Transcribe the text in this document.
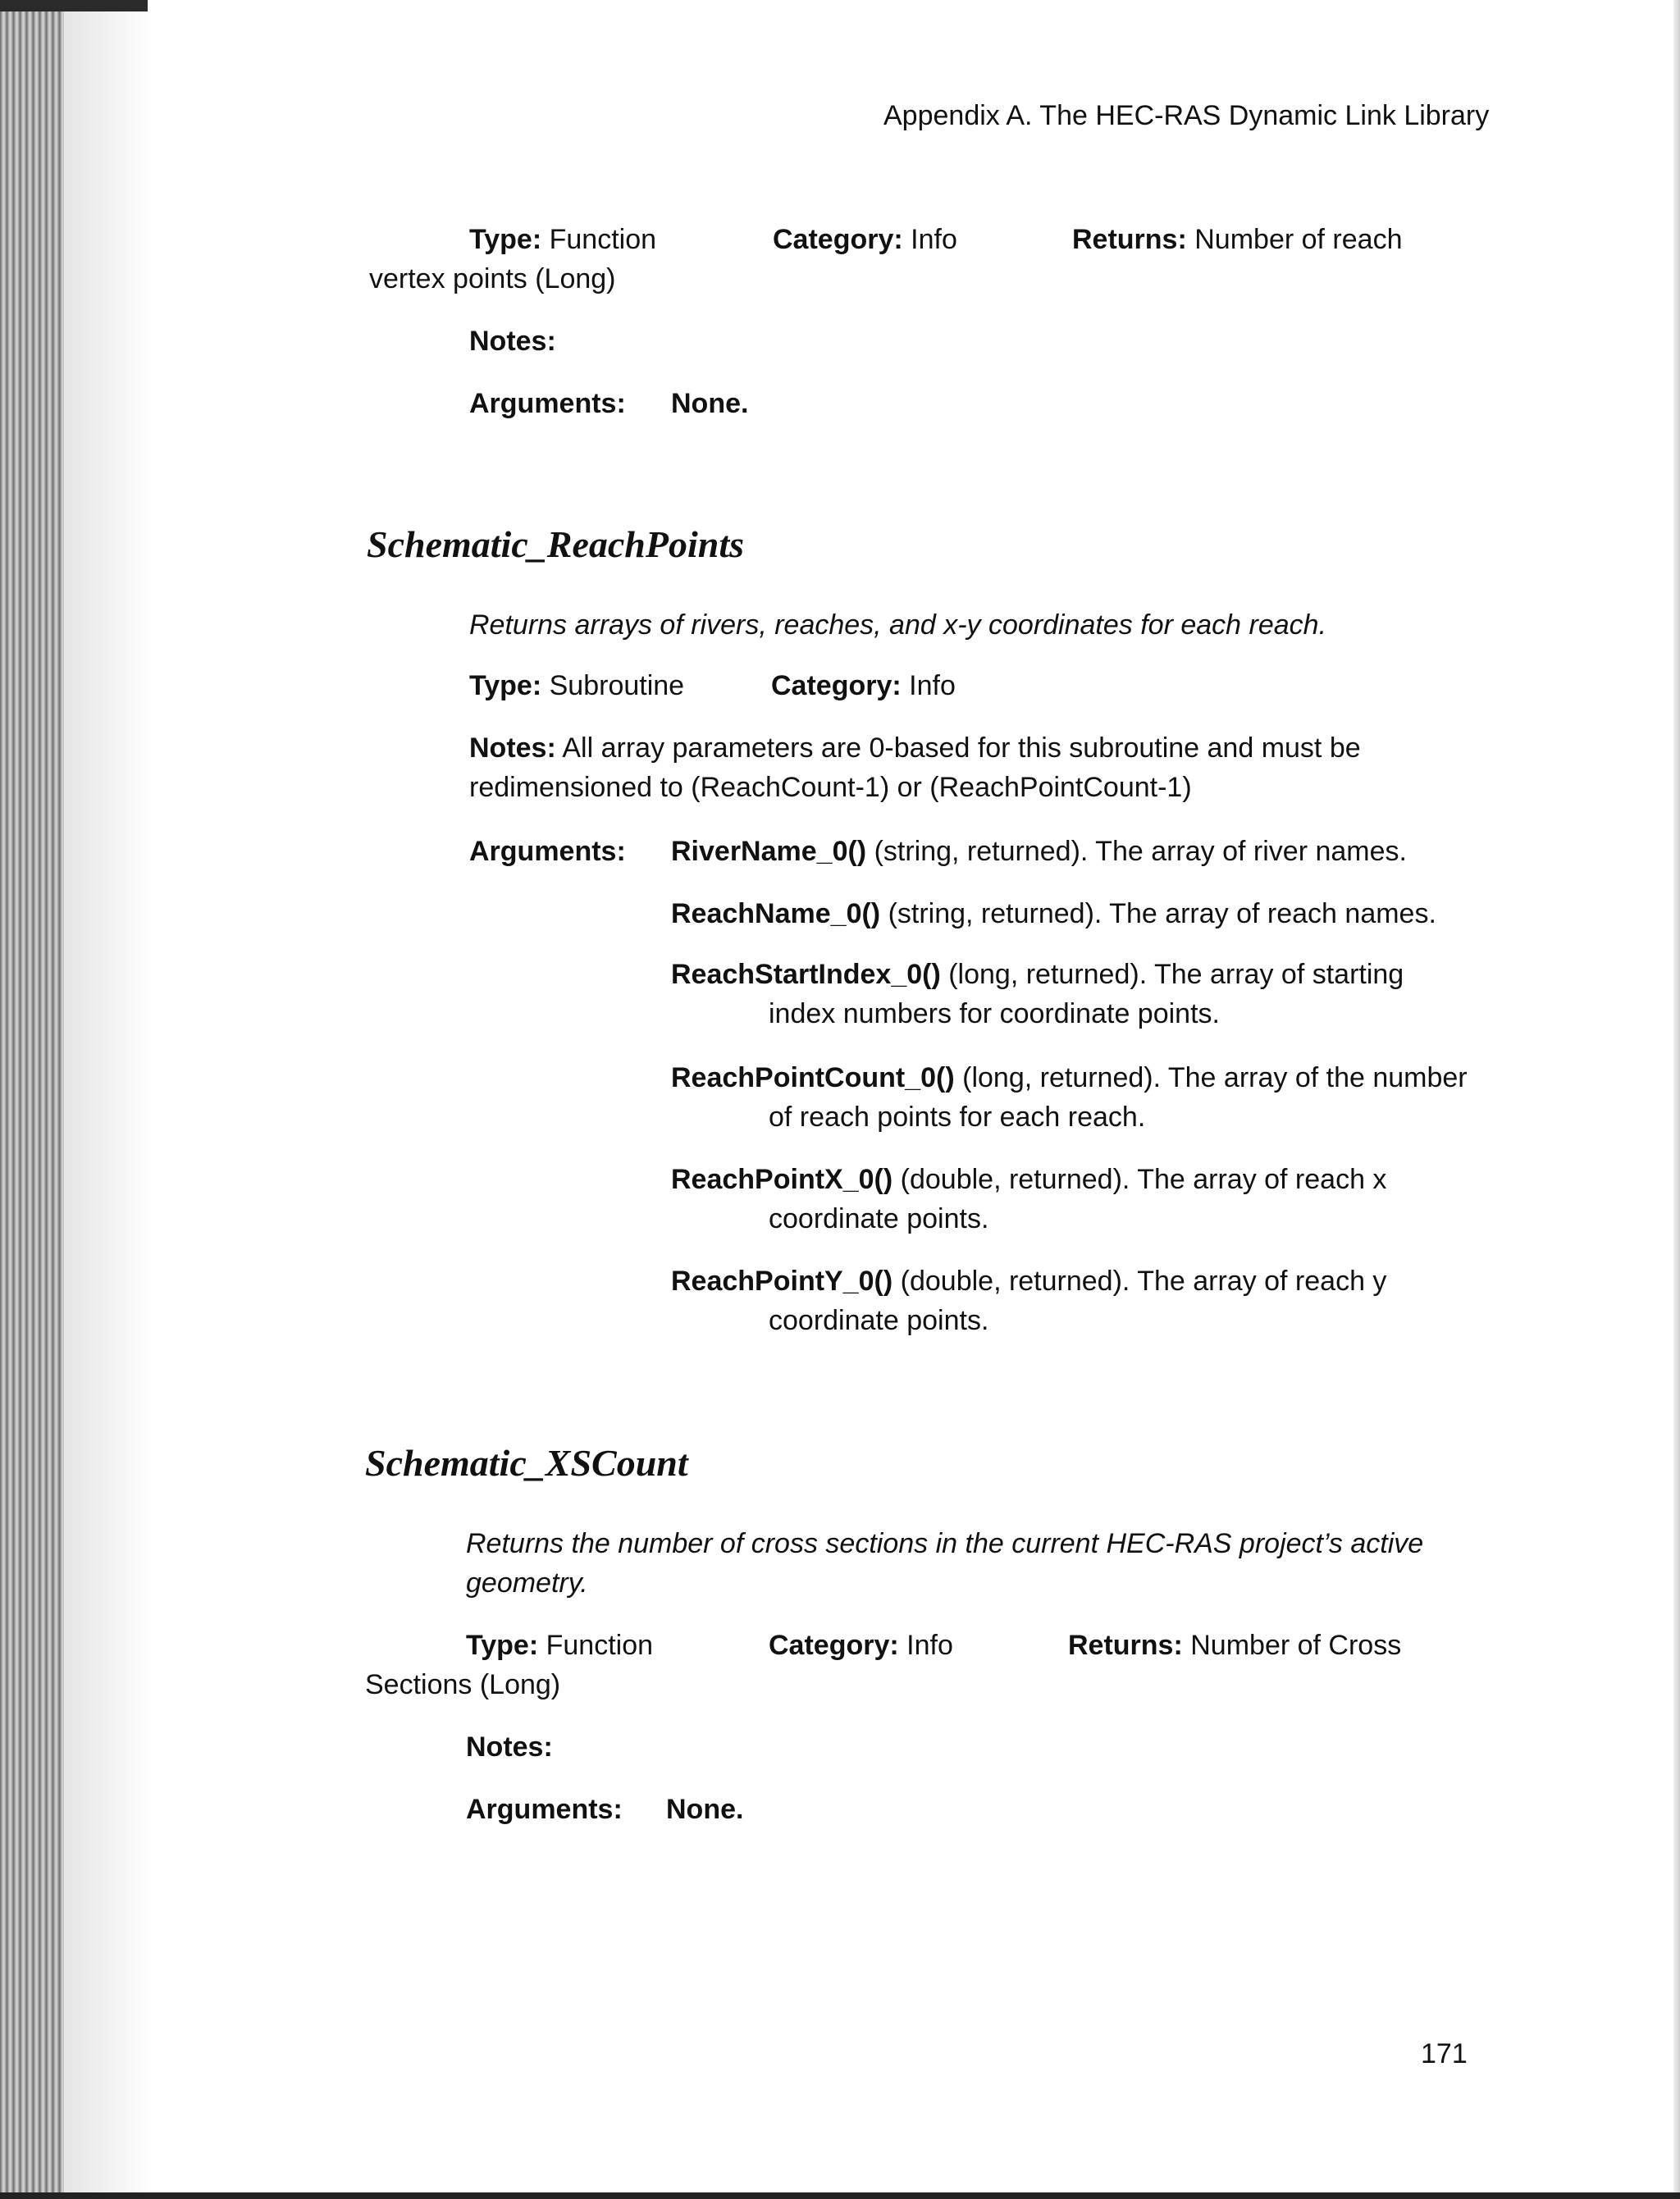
Appendix A. The HEC-RAS Dynamic Link Library
Type: Function	Category: Info	Returns: Number of reach
vertex points (Long)
Notes:
Arguments: None.
Schematic_ReachPoints
Returns arrays of rivers, reaches, and x-y coordinates for each reach.
Type: Subroutine	Category: Info
Notes: All array parameters are 0-based for this subroutine and must be
redimensioned to (ReachCount-1) or (ReachPointCount-1)
Arguments: RiverName_0() (string, returned). The array of river names.
ReachName_0() (string, returned). The array of reach names.
ReachStartIndex_0() (long, returned). The array of starting
index numbers for coordinate points.
ReachPointCount_0() (long, returned). The array of the number
of reach points for each reach.
ReachPointX_0() (double, returned). The array of reach x
coordinate points.
ReachPointY_0() (double, returned). The array of reach y
coordinate points.
Schematic_XSCount
Returns the number of cross sections in the current HEC-RAS project’s active
geometry.
Type: Function	Category: Info	Returns: Number of Cross
Sections (Long)
Notes:
Arguments: None.
171
